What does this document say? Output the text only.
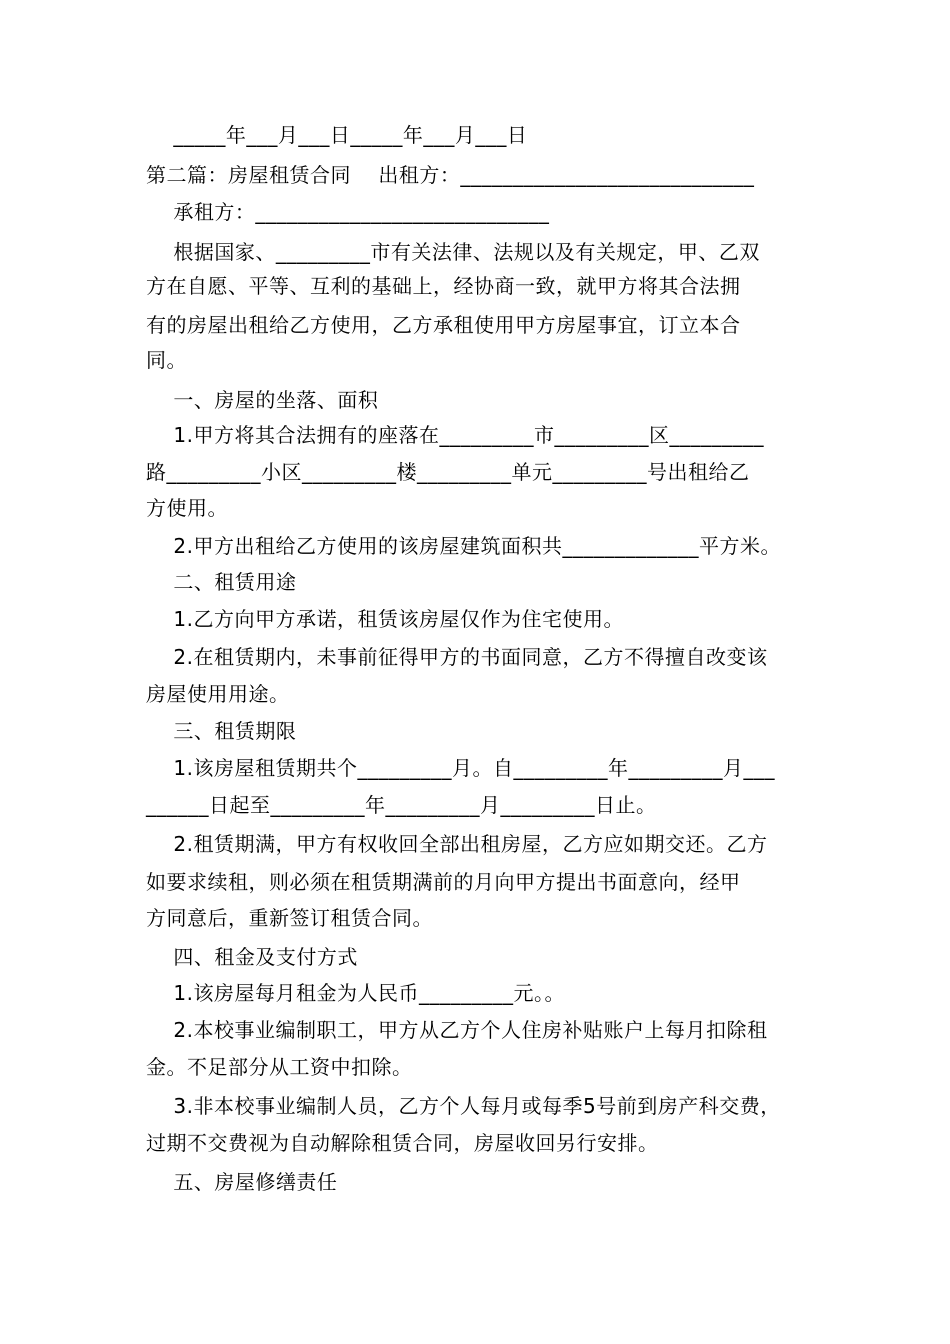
_____年___月___日_____年___月___日
第二篇：房屋租赁合同    出租方：____________________________
承租方：____________________________
根据国家、_________市有关法律、法规以及有关规定，甲、乙双
方在自愿、平等、互利的基础上，经协商一致，就甲方将其合法拥
有的房屋出租给乙方使用，乙方承租使用甲方房屋事宜，订立本合
同。
一、房屋的坐落、面积
1.甲方将其合法拥有的座落在_________市_________区_________
路_________小区_________楼_________单元_________号出租给乙
方使用。
2.甲方出租给乙方使用的该房屋建筑面积共_____________平方米。
二、租赁用途
1.乙方向甲方承诺，租赁该房屋仅作为住宅使用。
2.在租赁期内，未事前征得甲方的书面同意，乙方不得擅自改变该
房屋使用用途。
三、租赁期限
1.该房屋租赁期共个_________月。自_________年_________月___
______日起至_________年_________月_________日止。
2.租赁期满，甲方有权收回全部出租房屋，乙方应如期交还。乙方
如要求续租，则必须在租赁期满前的月向甲方提出书面意向，经甲
方同意后，重新签订租赁合同。
四、租金及支付方式
1.该房屋每月租金为人民币_________元。。
2.本校事业编制职工，甲方从乙方个人住房补贴账户上每月扣除租
金。不足部分从工资中扣除。
3.非本校事业编制人员，乙方个人每月或每季5号前到房产科交费，
过期不交费视为自动解除租赁合同，房屋收回另行安排。
五、房屋修缮责任
